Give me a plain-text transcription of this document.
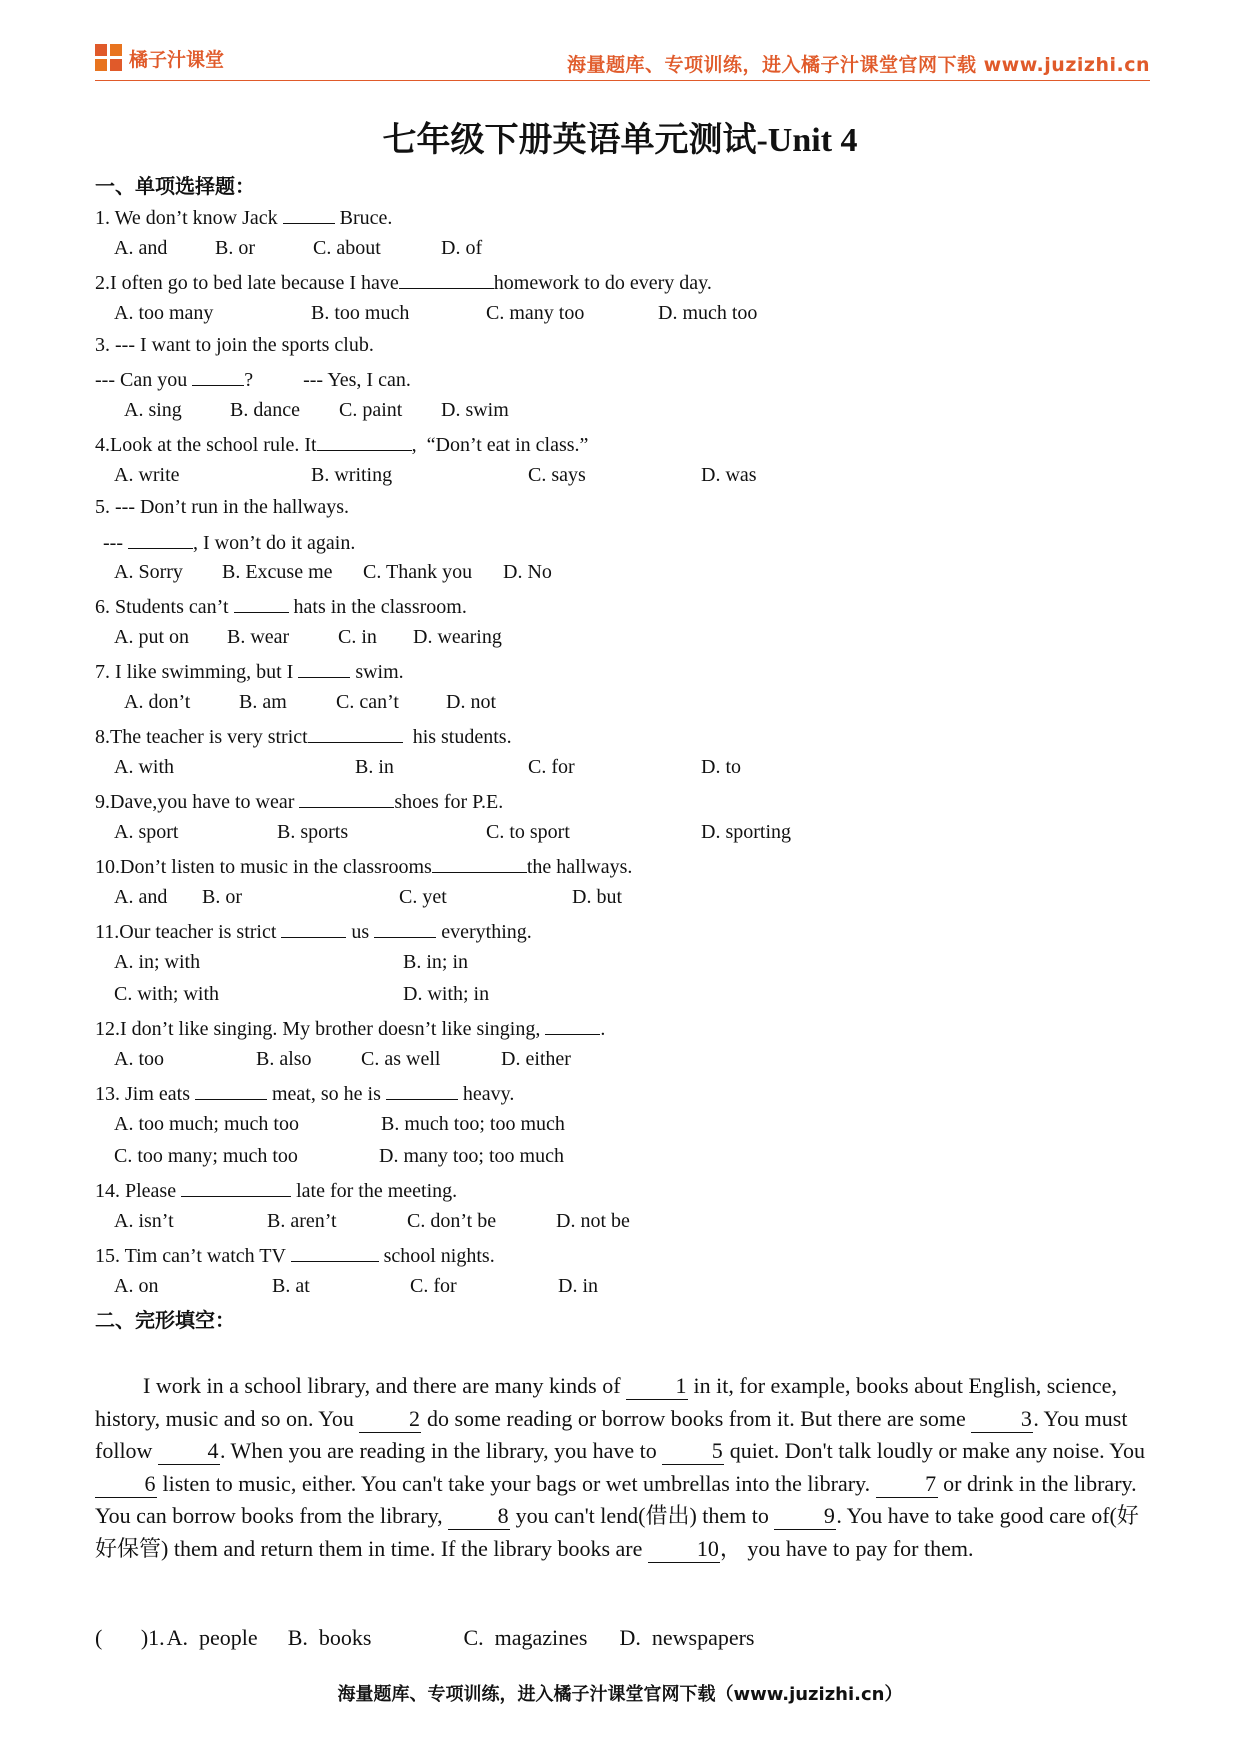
橘子汁课堂	海量题库、专项训练，进入橘子汁课堂官网下载 www.juzizhi.cn
七年级下册英语单元测试-Unit 4
一、单项选择题：
1. We don’t know Jack	Bruce.
A. and B. or	C. about	D. of
2.I often go to bed late because I have	homework to do every day.
A. too many	B. too much	C. many too	D. much too
3. --- I want to join the sports club.
--- Can you	?	--- Yes, I can.
A. sing B. dance C. paint D. swim
4.Look at the school rule. It	,  “Don’t eat in class.”
A. write	B. writing	C. says	D. was
5. --- Don’t run in the hallways.
---	, I won’t do it again.
A. Sorry B. Excuse me C. Thank you D. No
6. Students can’t	hats in the classroom.
A. put on B. wear C. in D. wearing
7. I like swimming, but I	swim.
A. don’t B. am C. can’t D. not
8.The teacher is very strict	his students.
A. with	B. in	C. for	D. to
9.Dave,you have to wear	shoes for P.E.
A. sport	B. sports	C. to sport	D. sporting
10.Don’t listen to music in the classrooms	the hallways.
A. and B. or	C. yet	D. but
11.Our teacher is strict	us	everything.
A. in; with	B. in; in
C. with; with	D. with; in
12.I don’t like singing. My brother doesn’t like singing,	.
A. too	B. also C. as well	D. either
13. Jim eats	meat, so he is	heavy.
A. too much; much too	B. much too; too much
C. too many; much too	D. many too; too much
14. Please	late for the meeting.
A. isn’t	B. aren’t	C. don’t be	D. not be
15. Tim can’t watch TV	school nights.
A. on	B. at	C. for	D. in
二、完形填空：

I work in a school library, and there are many kinds of 1 in it, for example, books about English, science, history, music and so on. You 2 do some reading or borrow books from it. But there are some 3. You must follow 4. When you are reading in the library, you have to 5 quiet. Don't talk loudly or make any noise. You 6 listen to music, either. You can't take your bags or wet umbrellas into the library. 7 or drink in the library. You can borrow books from the library, 8 you can't lend(借出) them to 9. You have to take good care of(好好保管) them and return them in time. If the library books are 10， you have to pay for them.

(       )1.A.  people B.  books	C.  magazines D.  newspapers
海量题库、专项训练，进入橘子汁课堂官网下载（www.juzizhi.cn）
